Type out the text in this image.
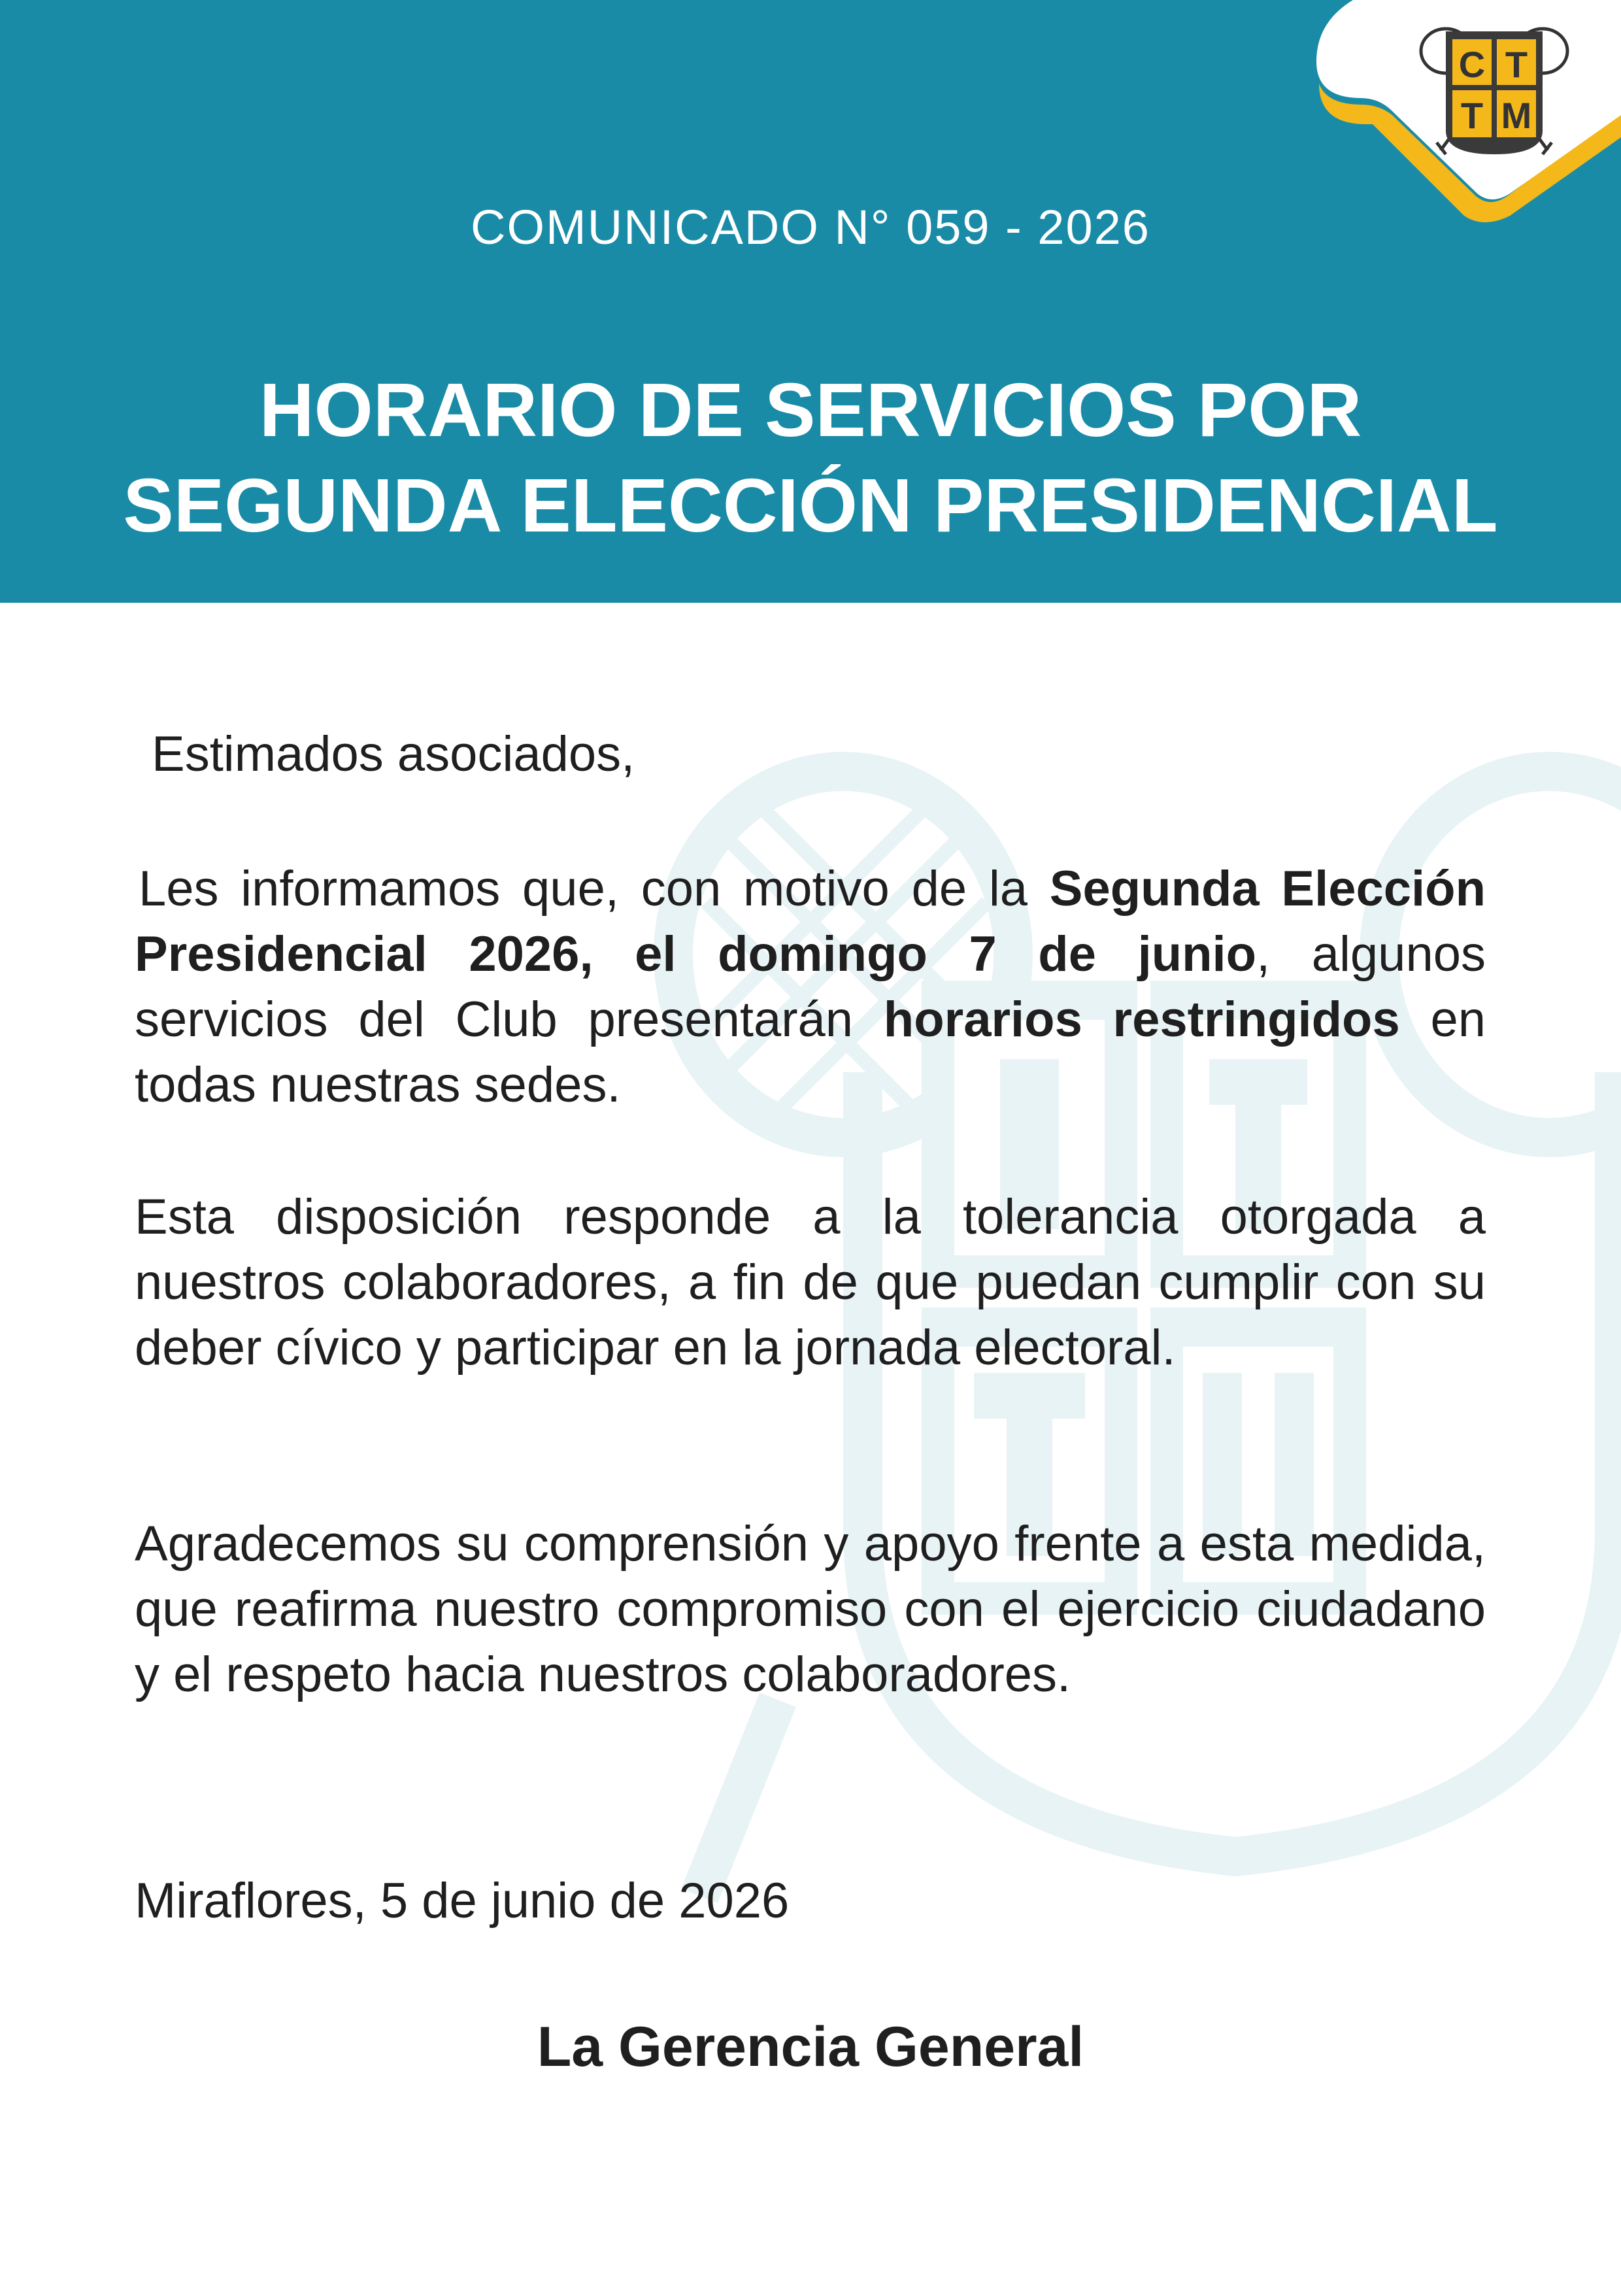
COMUNICADO N° 059 - 2026
HORARIO DE SERVICIOS POR
SEGUNDA ELECCIÓN PRESIDENCIAL
C T
T M
Estimados asociados,
Les informamos que, con motivo de la Segunda Elección Presidencial 2026, el domingo 7 de junio, algunos servicios del Club presentarán horarios restringidos en todas nuestras sedes.
Esta disposición responde a la tolerancia otorgada a nuestros colaboradores, a fin de que puedan cumplir con su deber cívico y participar en la jornada electoral.
Agradecemos su comprensión y apoyo frente a esta medida, que reafirma nuestro compromiso con el ejercicio ciudadano y el respeto hacia nuestros colaboradores.
Miraflores, 5 de junio de 2026
La Gerencia General
